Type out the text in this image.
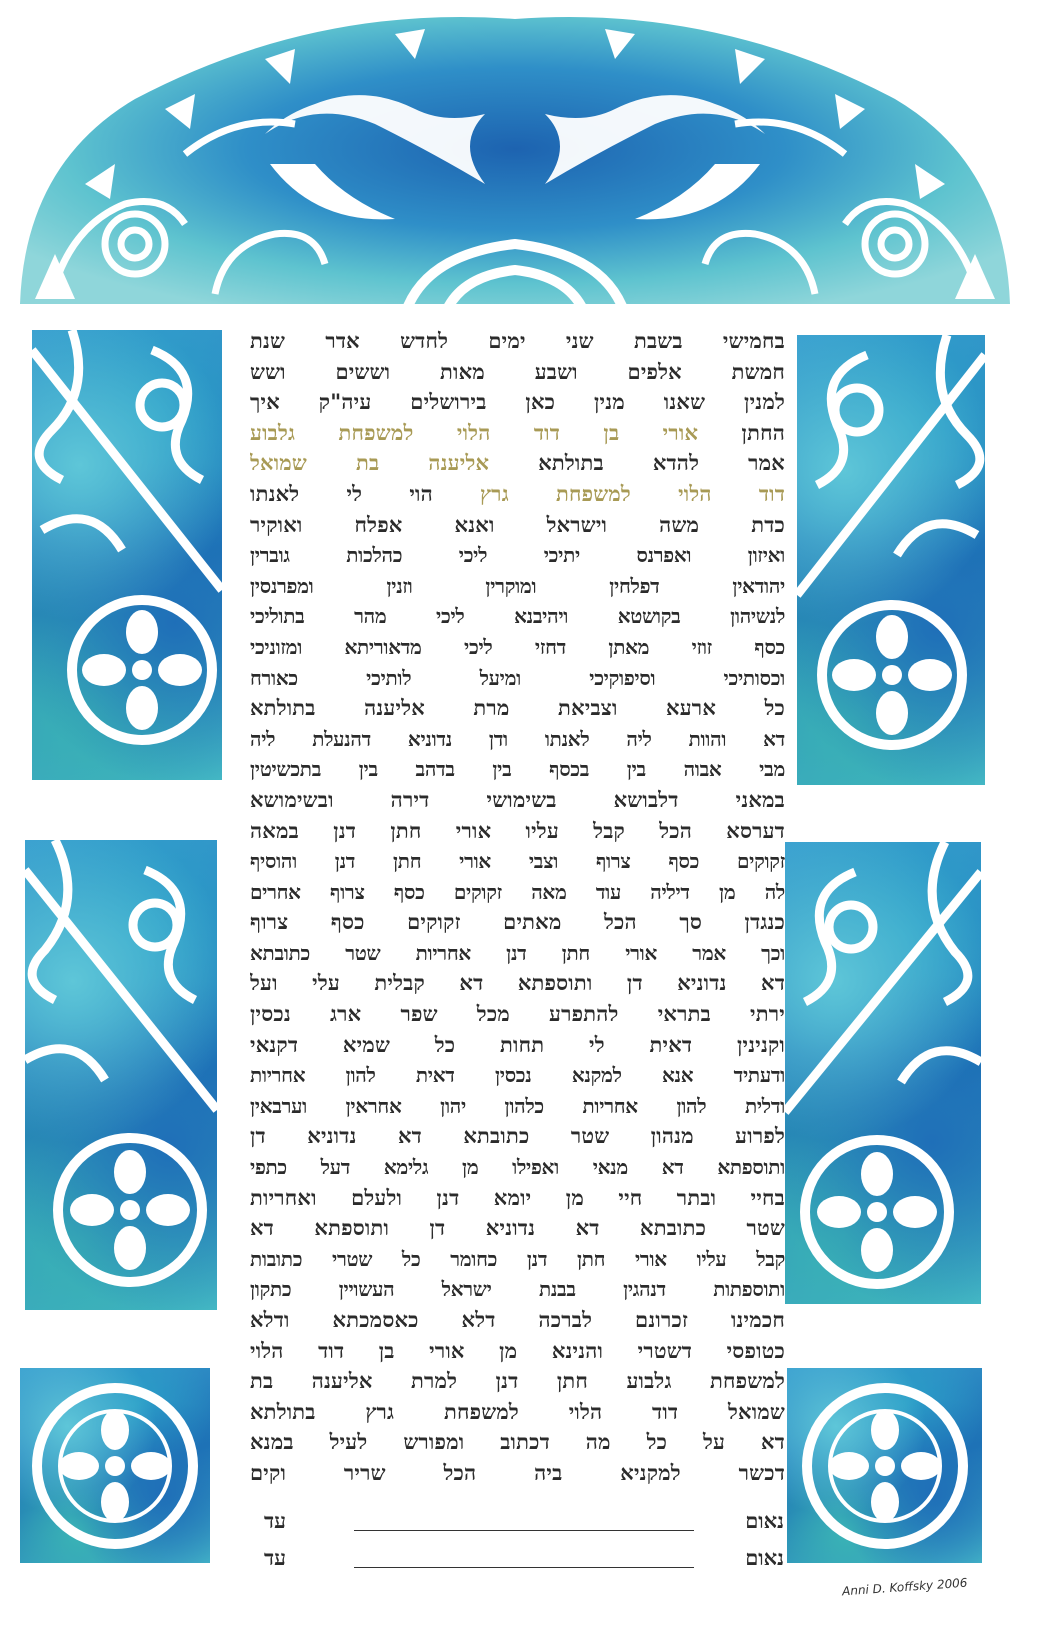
בחמישי בשבת שני ימים לחדש אדר שנת
חמשת אלפים ושבע מאות וששים ושש
למנין שאנו מנין כאן בירושלים עיה"ק איך
החתן אורי בן דוד הלוי למשפחת גלבוע
אמר להדא בתולתא אליענה בת שמואל
דוד הלוי למשפחת גרץ הוי לי לאנתו
כדת משה וישראל ואנא אפלח ואוקיר
ואיזון ואפרנס יתיכי ליכי כהלכות גוברין
יהודאין דפלחין ומוקרין וזנין ומפרנסין
לנשיהון בקושטא ויהיבנא ליכי מהר בתוליכי
כסף זוזי מאתן דחזי ליכי מדאוריתא ומזוניכי
וכסותיכי וסיפוקיכי ומיעל לותיכי כאורח
כל ארעא וצביאת מרת אליענה בתולתא
דא והוות ליה לאנתו ודן נדוניא דהנעלת ליה
מבי אבוה בין בכסף בין בדהב בין בתכשיטין
במאני דלבושא בשימושי דירה ובשימושא
דערסא הכל קבל עליו אורי חתן דנן במאה
זקוקים כסף צרוף וצבי אורי חתן דנן והוסיף
לה מן דיליה עוד מאה זקוקים כסף צרוף אחרים
כנגדן סך הכל מאתים זקוקים כסף צרוף
וכך אמר אורי חתן דנן אחריות שטר כתובתא
דא נדוניא דן ותוספתא דא קבלית עלי ועל
ירתי בתראי להתפרע מכל שפר ארג נכסין
וקנינין דאית לי תחות כל שמיא דקנאי
ודעתיד אנא למקנא נכסין דאית להון אחריות
ודלית להון אחריות כלהון יהון אחראין וערבאין
לפרוע מנהון שטר כתובתא דא נדוניא דן
ותוספתא דא מנאי ואפילו מן גלימא דעל כתפי
בחיי ובתר חיי מן יומא דנן ולעלם ואחריות
שטר כתובתא דא נדוניא דן ותוספתא דא
קבל עליו אורי חתן דנן כחומר כל שטרי כתובות
ותוספתות דנהגין בבנת ישראל העשויין כתקון
חכמינו זכרונם לברכה דלא כאסמכתא ודלא
כטופסי דשטרי והנינא מן אורי בן דוד הלוי
למשפחת גלבוע חתן דנן למרת אליענה בת
שמואל דוד הלוי למשפחת גרץ בתולתא
דא על כל מה דכתוב ומפורש לעיל במנא
דכשר למקניא ביה הכל שריר וקים
נאום
עד
נאום
עד
Anni D. Koffsky 2006
